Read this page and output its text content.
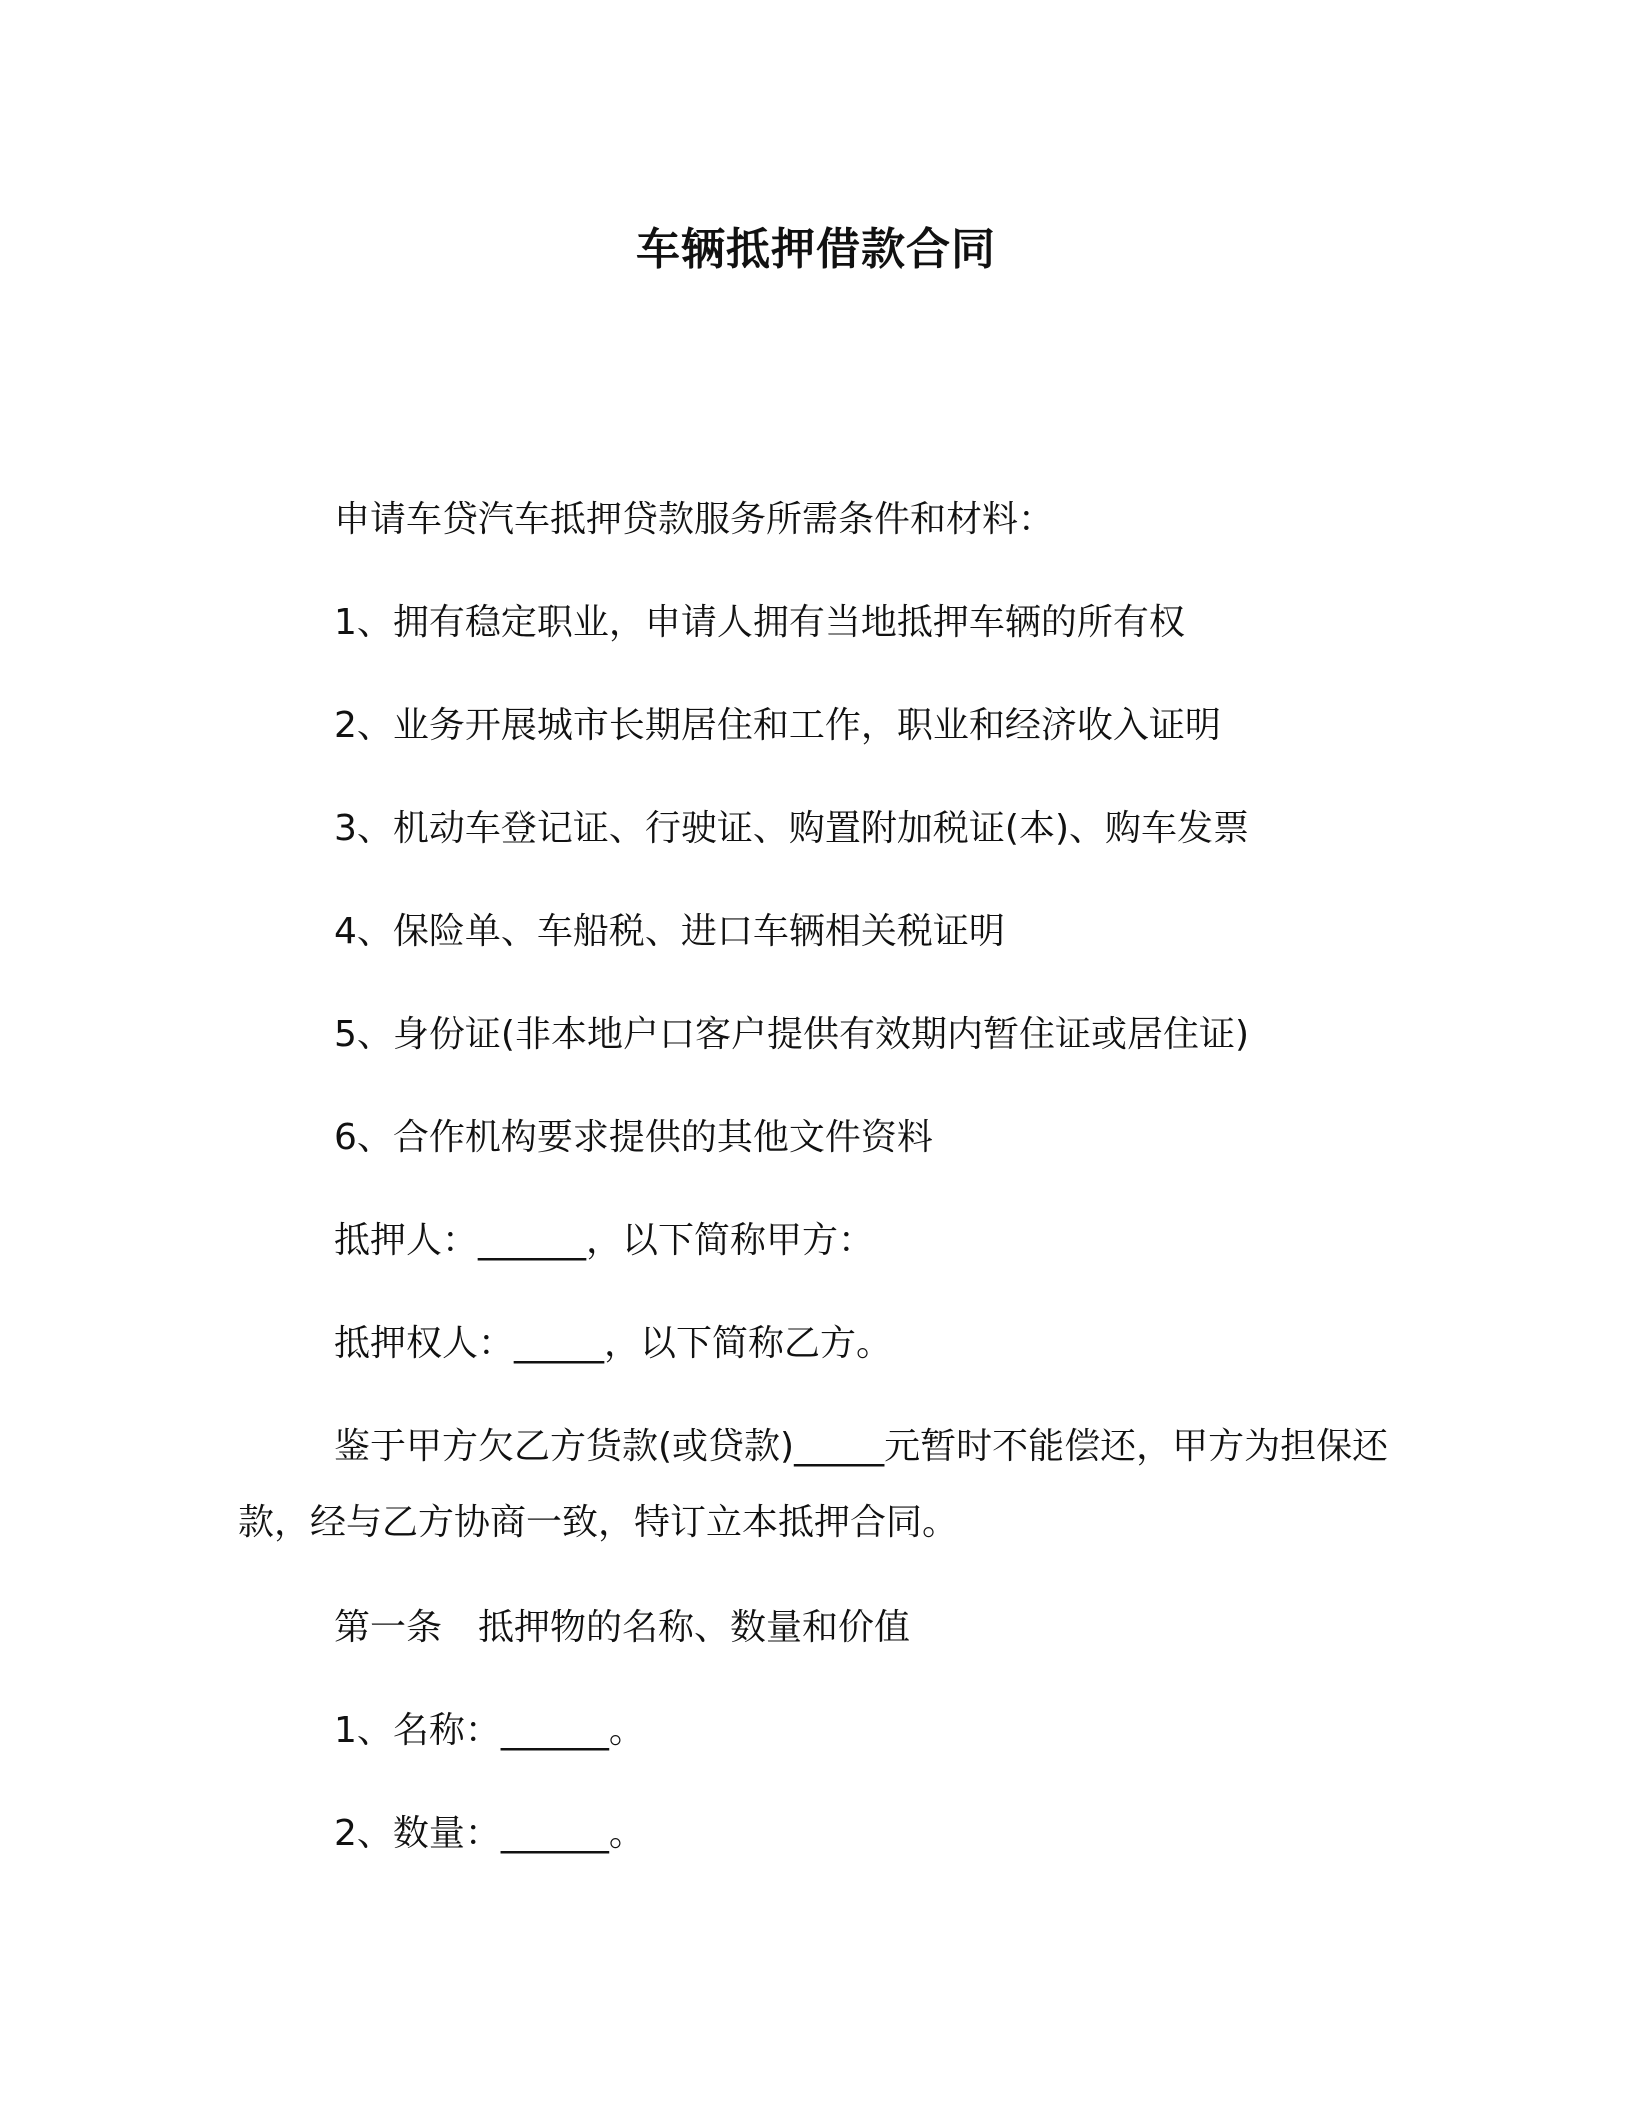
车辆抵押借款合同
申请车贷汽车抵押贷款服务所需条件和材料：
1、拥有稳定职业，申请人拥有当地抵押车辆的所有权
2、业务开展城市长期居住和工作，职业和经济收入证明
3、机动车登记证、行驶证、购置附加税证(本)、购车发票
4、保险单、车船税、进口车辆相关税证明
5、身份证(非本地户口客户提供有效期内暂住证或居住证)
6、合作机构要求提供的其他文件资料
抵押人：______，以下简称甲方：
抵押权人：_____，以下简称乙方。
鉴于甲方欠乙方货款(或贷款)_____元暂时不能偿还，甲方为担保还款，经与乙方协商一致，特订立本抵押合同。
第一条　抵押物的名称、数量和价值
1、名称：______。
2、数量：______。
